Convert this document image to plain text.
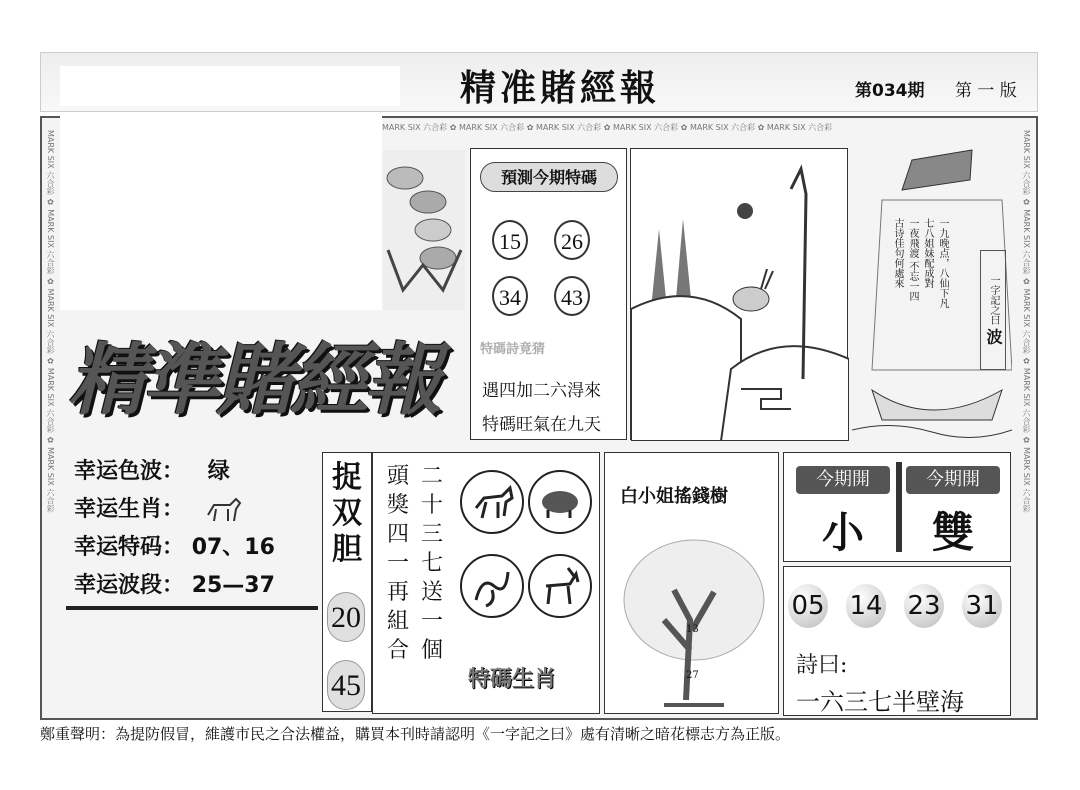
精准賭經報	第034期 第 一 版
MARK SIX 六合彩 ✿ MARK SIX 六合彩 ✿ MARK SIX 六合彩 ✿ MARK SIX 六合彩 ✿ MARK SIX 六合彩 ✿ MARK SIX 六合彩
MARK SIX 六合彩 ✿ MARK SIX 六合彩 ✿ MARK SIX 六合彩 ✿ MARK SIX 六合彩 ✿ MARK SIX 六合彩
MARK SIX 六合彩 ✿ MARK SIX 六合彩 ✿ MARK SIX 六合彩 ✿ MARK SIX 六合彩 ✿ MARK SIX 六合彩
精準賭經報
預測今期特碼
15	26
34	43
特碼詩竟猜
遇四加二六淂來
特碼旺氣在九天
一九晚点，八仙下凡
七八姐妹配成對
一夜飛渡 不忘一四
古诗佳句何處來
一字記之曰 波
幸运色波： 绿
幸运生肖：
幸运特码： 07、16
幸运波段： 25—37
捉
双
胆
20
45
頭
獎
四
一
再
組
合
二
十
三
七
送
一
個
特碼生肖
白小姐搖錢樹
13
27
今期開	今期開
小 雙
05 14 23 31
詩曰:
一六三七半壁海
鄭重聲明：為提防假冒，維護市民之合法權益，購買本刊時請認明《一字記之曰》處有清晰之暗花標志方為正版。
